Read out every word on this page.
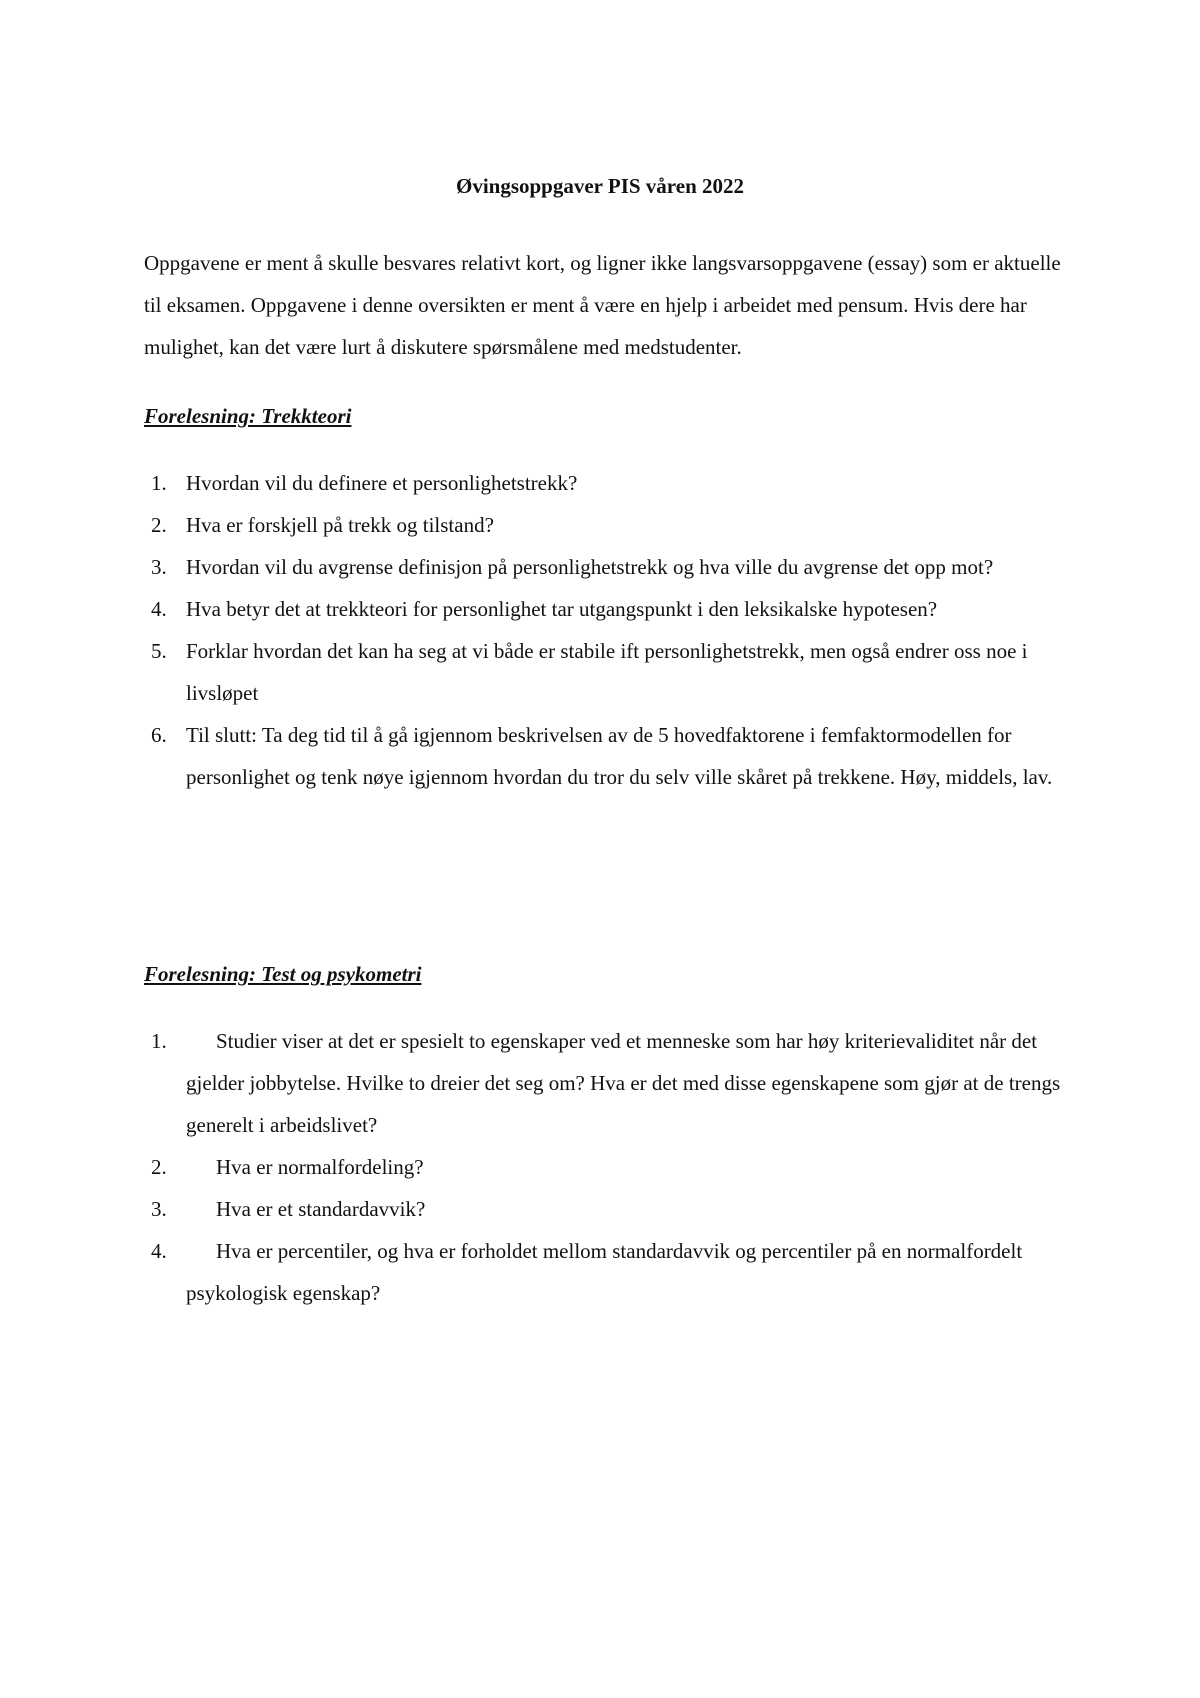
Øvingsoppgaver PIS våren 2022

Oppgavene er ment å skulle besvares relativt kort, og ligner ikke langsvarsoppgavene (essay) som er aktuelle til eksamen. Oppgavene i denne oversikten er ment å være en hjelp i arbeidet med pensum. Hvis dere har mulighet, kan det være lurt å diskutere spørsmålene med medstudenter.

Forelesning: Trekkteori
1. Hvordan vil du definere et personlighetstrekk?
2. Hva er forskjell på trekk og tilstand?
3. Hvordan vil du avgrense definisjon på personlighetstrekk og hva ville du avgrense det opp mot?
4. Hva betyr det at trekkteori for personlighet tar utgangspunkt i den leksikalske hypotesen?
5. Forklar hvordan det kan ha seg at vi både er stabile ift personlighetstrekk, men også endrer oss noe i livsløpet
6. Til slutt: Ta deg tid til å gå igjennom beskrivelsen av de 5 hovedfaktorene i femfaktormodellen for personlighet og tenk nøye igjennom hvordan du tror du selv ville skåret på trekkene. Høy, middels, lav.
Forelesning: Test og psykometri
1. Studier viser at det er spesielt to egenskaper ved et menneske som har høy kriterievaliditet når det gjelder jobbytelse. Hvilke to dreier det seg om? Hva er det med disse egenskapene som gjør at de trengs generelt i arbeidslivet?
2. Hva er normalfordeling?
3. Hva er et standardavvik?
4. Hva er percentiler, og hva er forholdet mellom standardavvik og percentiler på en normalfordelt psykologisk egenskap?
